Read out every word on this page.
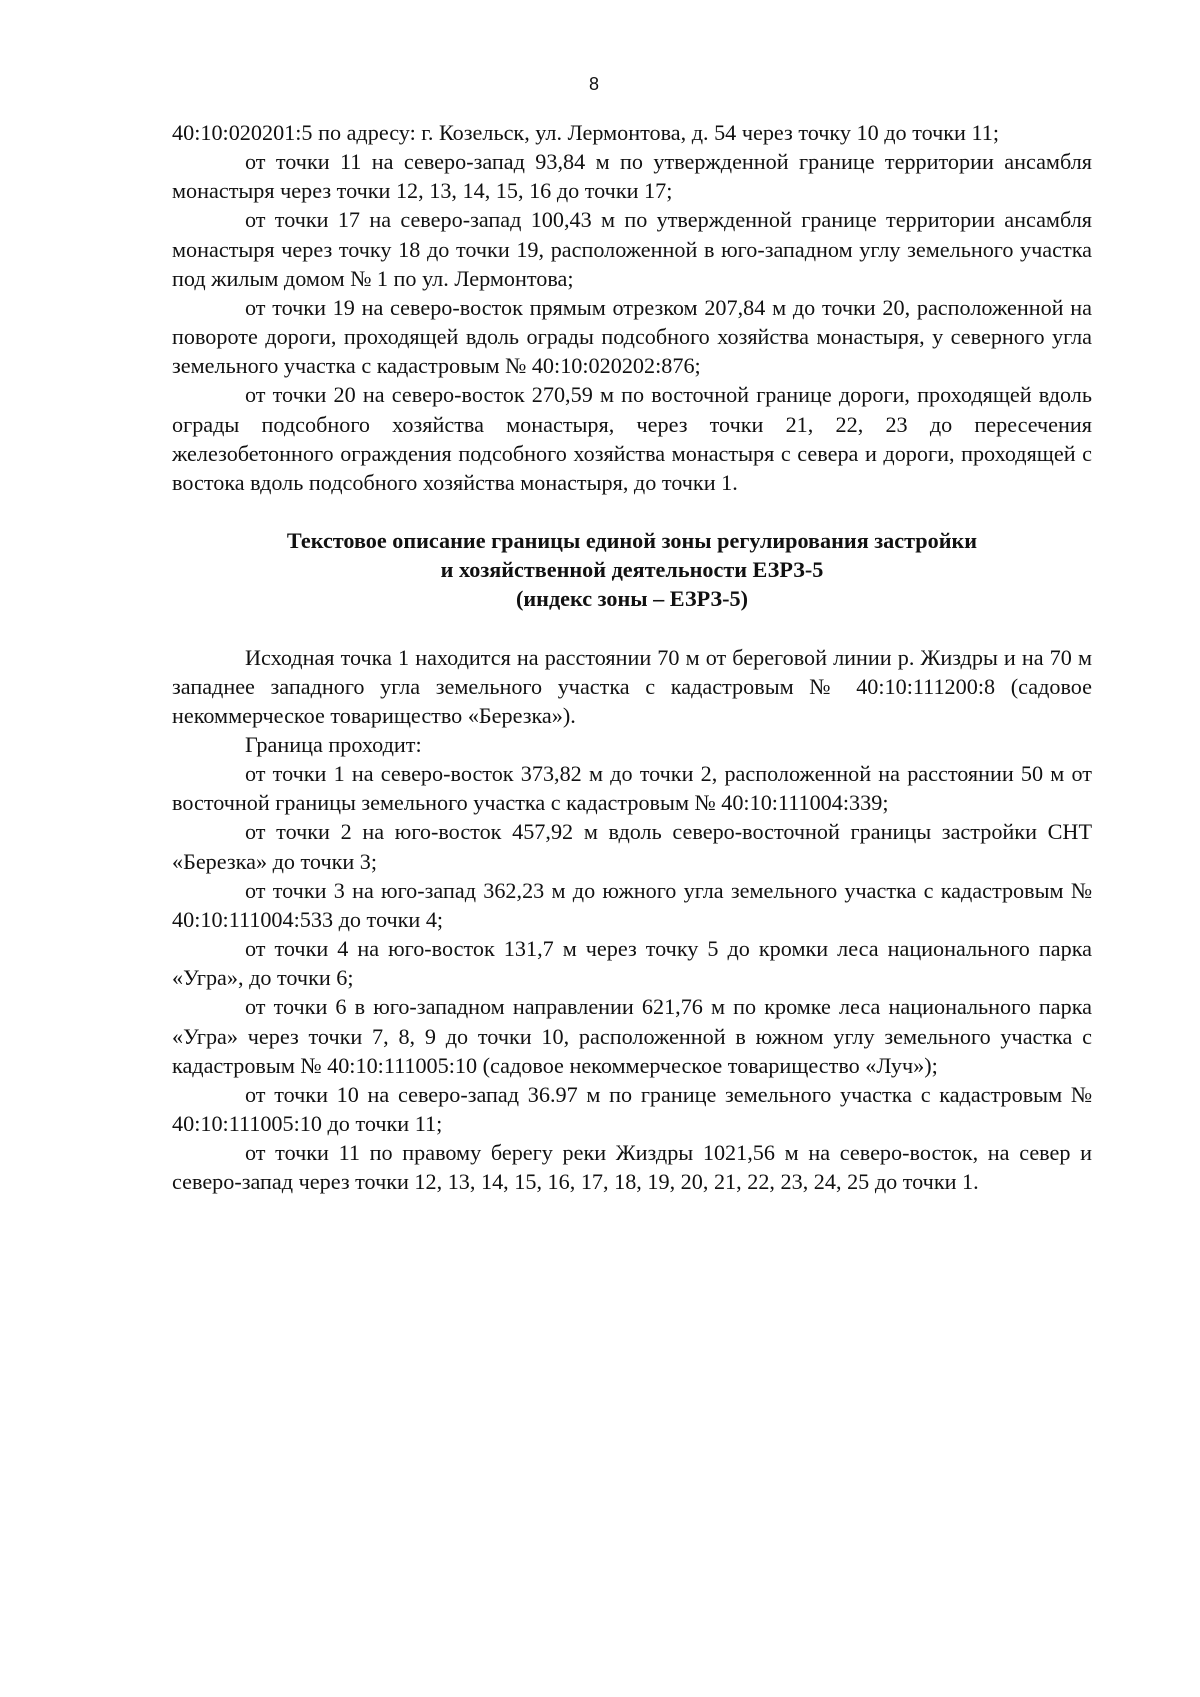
8

40:10:020201:5 по адресу: г. Козельск, ул. Лермонтова, д. 54 через точку 10 до точки 11;

от точки 11 на северо-запад 93,84 м по утвержденной границе территории ансамбля монастыря через точки 12, 13, 14, 15, 16 до точки 17;

от точки 17 на северо-запад 100,43 м по утвержденной границе территории ансамбля монастыря через точку 18 до точки 19, расположенной в юго-западном углу земельного участка под жилым домом № 1 по ул. Лермонтова;

от точки 19 на северо-восток прямым отрезком 207,84 м до точки 20, расположенной на повороте дороги, проходящей вдоль ограды подсобного хозяйства монастыря, у северного угла земельного участка с кадастровым № 40:10:020202:876;

от точки 20 на северо-восток 270,59 м по восточной границе дороги, проходящей вдоль ограды подсобного хозяйства монастыря, через точки 21, 22, 23 до пересечения железобетонного ограждения подсобного хозяйства монастыря с севера и дороги, проходящей с востока вдоль подсобного хозяйства монастыря, до точки 1.

Текстовое описание границы единой зоны регулирования застройки
и хозяйственной деятельности ЕЗРЗ-5
(индекс зоны – ЕЗРЗ-5)

Исходная точка 1 находится на расстоянии 70 м от береговой линии р. Жиздры и на 70 м западнее западного угла земельного участка с кадастровым № 40:10:111200:8 (садовое некоммерческое товарищество «Березка»).

Граница проходит:

от точки 1 на северо-восток 373,82 м до точки 2, расположенной на расстоянии 50 м от восточной границы земельного участка с кадастровым № 40:10:111004:339;

от точки 2 на юго-восток 457,92 м вдоль северо-восточной границы застройки СНТ «Березка» до точки 3;

от точки 3 на юго-запад 362,23 м до южного угла земельного участка с кадастровым № 40:10:111004:533 до точки 4;

от точки 4 на юго-восток 131,7 м через точку 5 до кромки леса национального парка «Угра», до точки 6;

от точки 6 в юго-западном направлении 621,76 м по кромке леса национального парка «Угра» через точки 7, 8, 9 до точки 10, расположенной в южном углу земельного участка с кадастровым № 40:10:111005:10 (садовое некоммерческое товарищество «Луч»);

от точки 10 на северо-запад 36.97 м по границе земельного участка с кадастровым № 40:10:111005:10 до точки 11;

от точки 11 по правому берегу реки Жиздры 1021,56 м на северо-восток, на север и северо-запад через точки 12, 13, 14, 15, 16, 17, 18, 19, 20, 21, 22, 23, 24, 25 до точки 1.
